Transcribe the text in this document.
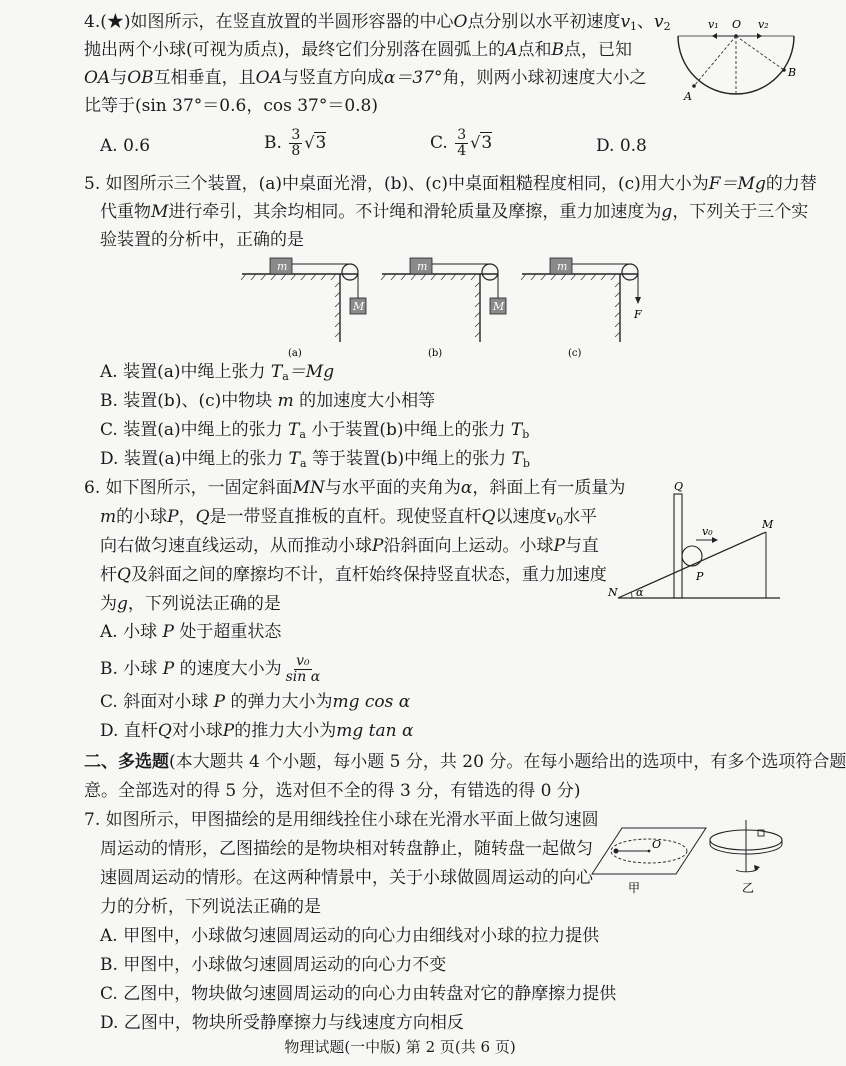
4.(★)如图所示，在竖直放置的半圆形容器的中心O点分别以水平初速度$v_1$、$v_2$
抛出两个小球(可视为质点)，最终它们分别落在圆弧上的A点和B点，已知
OA与OB互相垂直，且OA与竖直方向成α＝37°角，则两小球初速度大小之
比等于(sin 37°＝0.6，cos 37°＝0.8)
A. 0.6	B. $\frac{3}{8} √3$	C. $\frac{3}{4} √3$	D. 0.8
v₁ O v₂
A
B
5. 如图所示三个装置，(a)中桌面光滑，(b)、(c)中桌面粗糙程度相同，(c)用大小为F＝Mg的力替
代重物M进行牵引，其余均相同。不计绳和滑轮质量及摩擦，重力加速度为g，下列关于三个实
验装置的分析中，正确的是
m
M
(a)
m
M
(b)
m
F
(c)
A. 装置(a)中绳上张力 $T_a=Mg$
B. 装置(b)、(c)中物块 m 的加速度大小相等
C. 装置(a)中绳上的张力 $T_a$ 小于装置(b)中绳上的张力 $T_b$
D. 装置(a)中绳上的张力 $T_a$ 等于装置(b)中绳上的张力 $T_b$
6. 如下图所示，一固定斜面MN与水平面的夹角为α，斜面上有一质量为
m的小球P，Q是一带竖直推板的直杆。现使竖直杆Q以速度$v_0$水平
向右做匀速直线运动，从而推动小球P沿斜面向上运动。小球P与直
杆Q及斜面之间的摩擦均不计，直杆始终保持竖直状态，重力加速度
为g，下列说法正确的是
A. 小球 P 处于超重状态
B. 小球 P 的速度大小为 $\frac{\text{v₀}}{\text{sin α}}$
C. 斜面对小球 P 的弹力大小为mg cos α
D. 直杆Q对小球P的推力大小为mg tan α
Q
v₀
M
P
N α
二、多选题(本大题共 4 个小题，每小题 5 分，共 20 分。在每小题给出的选项中，有多个选项符合题
意。全部选对的得 5 分，选对但不全的得 3 分，有错选的得 0 分)
7. 如图所示，甲图描绘的是用细线拴住小球在光滑水平面上做匀速圆
周运动的情形，乙图描绘的是物块相对转盘静止，随转盘一起做匀
速圆周运动的情形。在这两种情景中，关于小球做圆周运动的向心
力的分析，下列说法正确的是
A. 甲图中，小球做匀速圆周运动的向心力由细线对小球的拉力提供
B. 甲图中，小球做匀速圆周运动的向心力不变
C. 乙图中，物块做匀速圆周运动的向心力由转盘对它的静摩擦力提供
D. 乙图中，物块所受静摩擦力与线速度方向相反
O
甲	乙
物理试题(一中版) 第 2 页(共 6 页)
